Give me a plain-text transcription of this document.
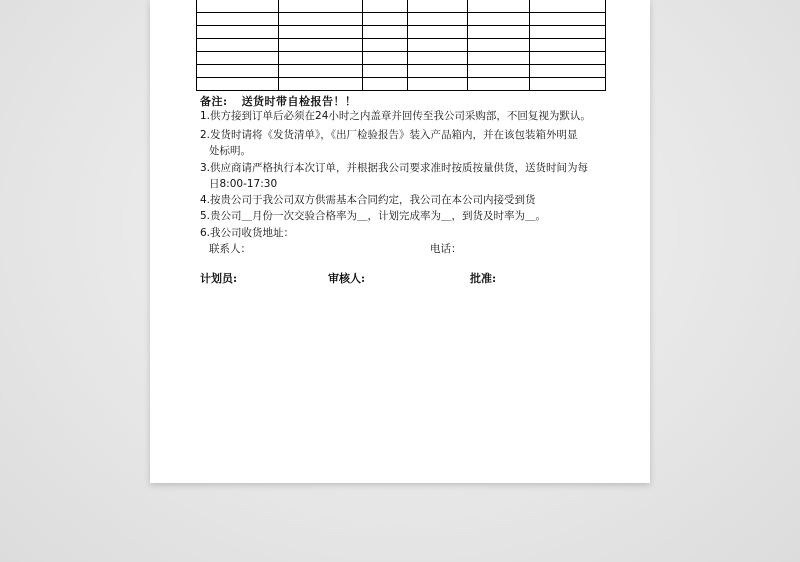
备注: 送货时带自检报告！！
1.供方接到订单后必须在24小时之内盖章并回传至我公司采购部，不回复视为默认。
2.发货时请将《发货清单》，《出厂检验报告》装入产品箱内，并在该包装箱外明显
处标明。
3.供应商请严格执行本次订单，并根据我公司要求准时按质按量供货，送货时间为每
日8:00-17:30
4.按贵公司于我公司双方供需基本合同约定，我公司在本公司内接受到货
5.贵公司＿月份一次交验合格率为＿，计划完成率为＿，到货及时率为＿。
6.我公司收货地址：
联系人：	电话：
计划员:	审核人:	批准:
